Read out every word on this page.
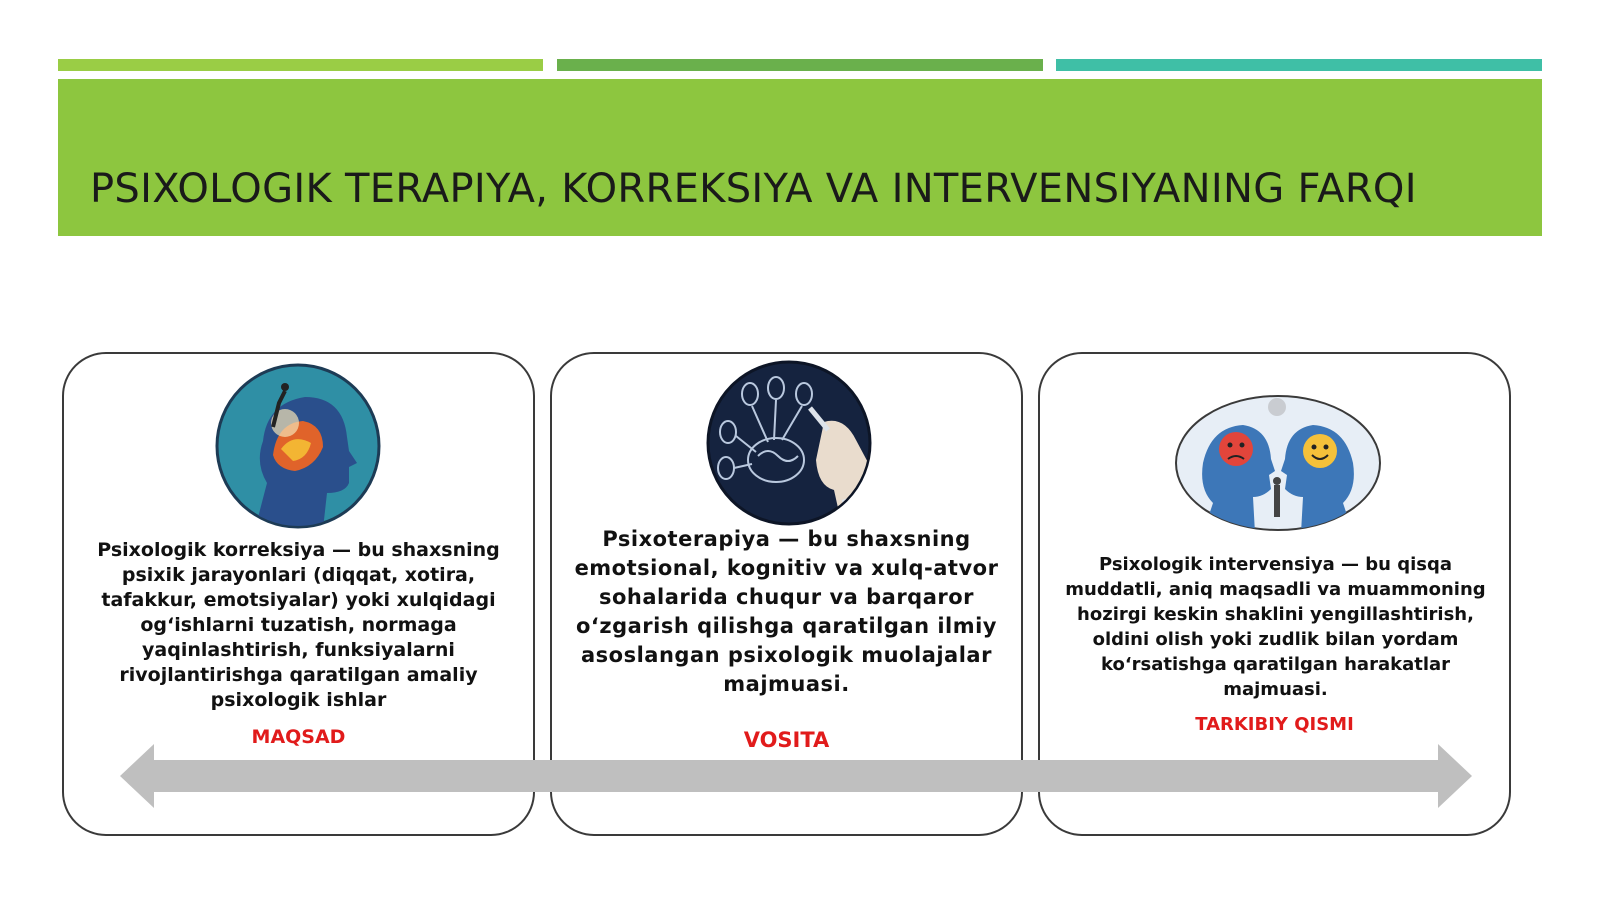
PSIXOLOGIK TERAPIYA, KORREKSIYA VA INTERVENSIYANING FARQI
Psixologik korreksiya — bu shaxsning psixik jarayonlari (diqqat, xotira, tafakkur, emotsiyalar) yoki xulqidagi og‘ishlarni tuzatish, normaga yaqinlashtirish, funksiyalarni rivojlantirishga qaratilgan amaliy psixologik ishlar
MAQSAD
Psixoterapiya — bu shaxsning emotsional, kognitiv va xulq-atvor sohalarida chuqur va barqaror o‘zgarish qilishga qaratilgan ilmiy asoslangan psixologik muolajalar majmuasi.
VOSITA
Psixologik intervensiya — bu qisqa muddatli, aniq maqsadli va muammoning hozirgi keskin shaklini yengillashtirish, oldini olish yoki zudlik bilan yordam ko‘rsatishga qaratilgan harakatlar majmuasi.
TARKIBIY QISMI
